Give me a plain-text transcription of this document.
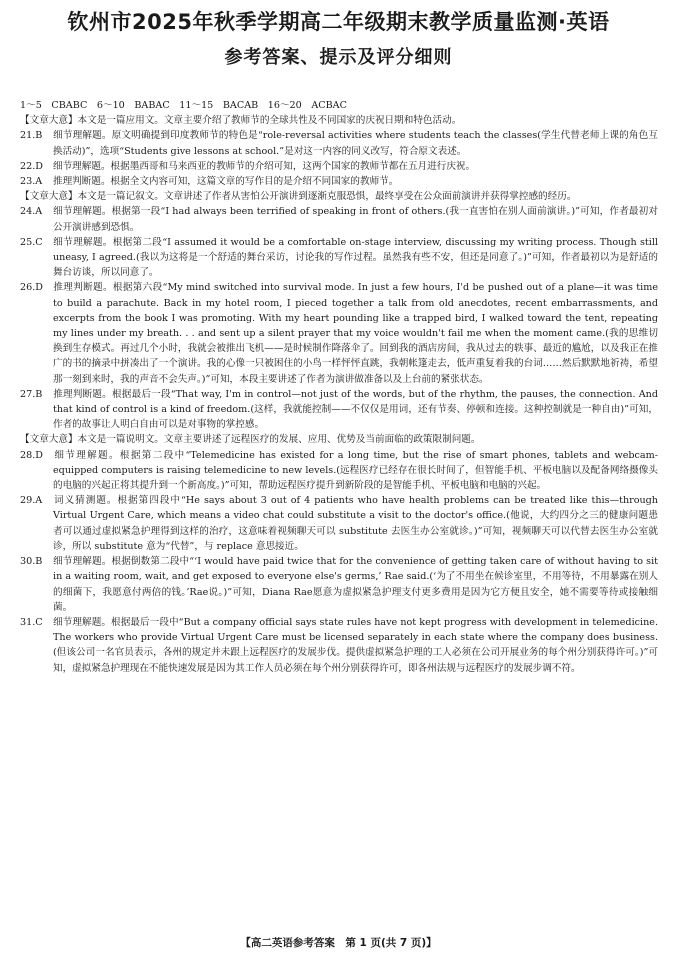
钦州市2025年秋季学期高二年级期末教学质量监测·英语
参考答案、提示及评分细则

1～5　CBABC　6～10　BABAC　11～15　BACAB　16～20　ACBAC

【文章大意】本文是一篇应用文。文章主要介绍了教师节的全球共性及不同国家的庆祝日期和特色活动。

21.B 细节理解题。原文明确提到印度教师节的特色是“role-reversal activities where students teach the classes(学生代替老师上课的角色互换活动)”，选项“Students give lessons at school.”是对这一内容的同义改写，符合原文表述。

22.D 细节理解题。根据墨西哥和马来西亚的教师节的介绍可知，这两个国家的教师节都在五月进行庆祝。

23.A 推理判断题。根据全文内容可知，这篇文章的写作目的是介绍不同国家的教师节。

【文章大意】本文是一篇记叙文。文章讲述了作者从害怕公开演讲到逐渐克服恐惧，最终享受在公众面前演讲并获得掌控感的经历。

24.A 细节理解题。根据第一段“I had always been terrified of speaking in front of others.(我一直害怕在别人面前演讲。)”可知，作者最初对公开演讲感到恐惧。

25.C 细节理解题。根据第二段“I assumed it would be a comfortable on-stage interview, discussing my writing process. Though still uneasy, I agreed.(我以为这将是一个舒适的舞台采访，讨论我的写作过程。虽然我有些不安，但还是同意了。)”可知，作者最初以为是舒适的舞台访谈，所以同意了。

26.D 推理判断题。根据第六段“My mind switched into survival mode. In just a few hours, I'd be pushed out of a plane—it was time to build a parachute. Back in my hotel room, I pieced together a talk from old anecdotes, recent embarrassments, and excerpts from the book I was promoting. With my heart pounding like a trapped bird, I walked toward the tent, repeating my lines under my breath. . . and sent up a silent prayer that my voice wouldn't fail me when the moment came.(我的思维切换到生存模式。再过几个小时，我就会被推出飞机——是时候制作降落伞了。回到我的酒店房间，我从过去的轶事、最近的尴尬，以及我正在推广的书的摘录中拼凑出了一个演讲。我的心像一只被困住的小鸟一样怦怦直跳，我朝帐篷走去，低声重复着我的台词……然后默默地祈祷，希望那一刻到来时，我的声音不会失声。)”可知，本段主要讲述了作者为演讲做准备以及上台前的紧张状态。

27.B 推理判断题。根据最后一段“That way, I'm in control—not just of the words, but of the rhythm, the pauses, the connection. And that kind of control is a kind of freedom.(这样，我就能控制——不仅仅是用词，还有节奏、停顿和连接。这种控制就是一种自由)”可知，作者的故事让人明白自由可以是对事物的掌控感。

【文章大意】本文是一篇说明文。文章主要讲述了远程医疗的发展、应用、优势及当前面临的政策限制问题。

28.D 细节理解题。根据第二段中“Telemedicine has existed for a long time, but the rise of smart phones, tablets and webcam-equipped computers is raising telemedicine to new levels.(远程医疗已经存在很长时间了，但智能手机、平板电脑以及配备网络摄像头的电脑的兴起正将其提升到一个新高度。)”可知，帮助远程医疗提升到新阶段的是智能手机、平板电脑和电脑的兴起。

29.A 词义猜测题。根据第四段中“He says about 3 out of 4 patients who have health problems can be treated like this—through Virtual Urgent Care, which means a video chat could substitute a visit to the doctor's office.(他说，大约四分之三的健康问题患者可以通过虚拟紧急护理得到这样的治疗，这意味着视频聊天可以 substitute 去医生办公室就诊。)”可知，视频聊天可以代替去医生办公室就诊，所以 substitute 意为“代替”，与 replace 意思接近。

30.B 细节理解题。根据倒数第二段中“‘I would have paid twice that for the convenience of getting taken care of without having to sit in a waiting room, wait, and get exposed to everyone else's germs,’ Rae said.(‘为了不用坐在候诊室里，不用等待，不用暴露在别人的细菌下，我愿意付两倍的钱。’Rae说。)”可知，Diana Rae愿意为虚拟紧急护理支付更多费用是因为它方便且安全，她不需要等待或接触细菌。

31.C 细节理解题。根据最后一段中“But a company official says state rules have not kept progress with development in telemedicine. The workers who provide Virtual Urgent Care must be licensed separately in each state where the company does business.(但该公司一名官员表示，各州的规定并未跟上远程医疗的发展步伐。提供虚拟紧急护理的工人必须在公司开展业务的每个州分别获得许可。)”可知，虚拟紧急护理现在不能快速发展是因为其工作人员必须在每个州分别获得许可，即各州法规与远程医疗的发展步调不符。

【高二英语参考答案　第 1 页(共 7 页)】
